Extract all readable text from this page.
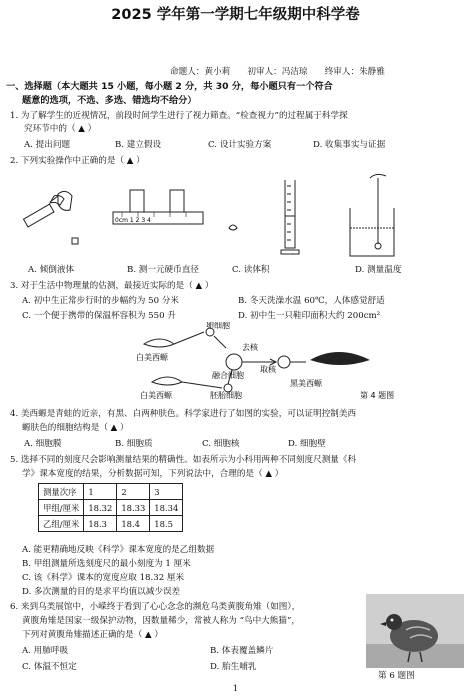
2025 学年第一学期七年级期中科学卷
命题人：黄小莉　　初审人：冯洁琼　　终审人：朱静雅
一、选择题（本大题共 15 小题，每小题 2 分，共 30 分，每小题只有一个符合
题意的选项，不选、多选、错选均不给分）
1. 为了解学生的近视情况，前段时间学生进行了视力筛查。“检查视力”的过程属于科学探
究环节中的（ ▲ ）
A. 提出问题	B. 建立假设	C. 设计实验方案	D. 收集事实与证据
2. 下列实验操作中正确的是（ ▲ ）
0cm 1 2 3 4
A. 倾倒液体	B. 测一元硬币直径	C. 读体积	D. 测量温度
3. 对于生活中物理量的估测，最接近实际的是（ ▲ ）
A. 初中生正常步行时的步幅约为 50 分米	B. 冬天洗澡水温 60℃，人体感觉舒适
C. 一个便于携带的保温杯容积为 550 升	D. 初中生一只鞋印面积大约 200cm²
卵细胞
去核
白美西螈
融合细胞
黑美西螈
取核
白美西螈	胚胎细胞	第 4 题图
4. 美西螈是青蛙的近亲，有黑、白两种肤色。科学家进行了如图的实验，可以证明控制美西
螈肤色的细胞结构是（ ▲ ）
A. 细胞膜	B. 细胞质	C. 细胞核	D. 细胞壁
5. 选择不同的刻度尺会影响测量结果的精确性。如表所示为小科用两种不同刻度尺测量《科
学》课本宽度的结果，分析数据可知，下列说法中，合理的是（ ▲ ）
测量次序	1	2	3
甲组/厘米	18.32	18.33	18.34
乙组/厘米	18.3	18.4	18.5
A. 能更精确地反映《科学》课本宽度的是乙组数据
B. 甲组测量所选刻度尺的最小刻度为 1 厘米
C. 该《科学》课本的宽度应取 18.32 厘米
D. 多次测量的目的是求平均值以减少误差
6. 来到乌类展馆中，小嵘终于看到了心心念念的濒危乌类黄腹角雉（如图），
黄腹角雉是国家一级保护动物，因数量稀少，常被人称为 “鸟中大熊猫”，
下列对黄腹角雉描述正确的是（ ▲ ）
A. 用肺呼吸	B. 体表覆盖鳞片
C. 体温不恒定	D. 胎生哺乳
第 6 题图
1
